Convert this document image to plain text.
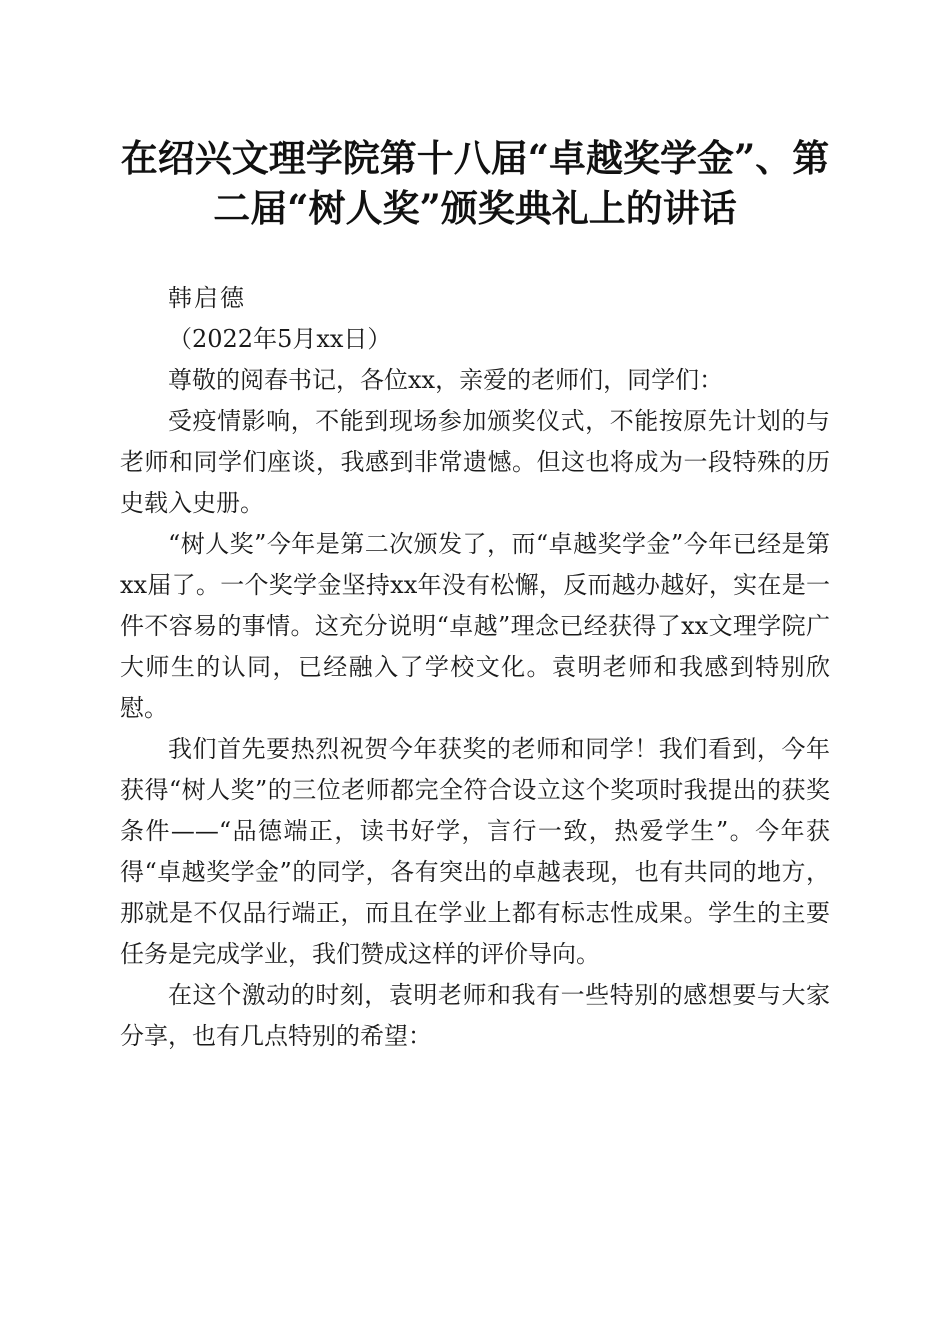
在绍兴文理学院第十八届“卓越奖学金”、第二届“树人奖”颁奖典礼上的讲话

韩启德

（2022年5月xx日）

尊敬的阅春书记，各位xx，亲爱的老师们，同学们：

受疫情影响，不能到现场参加颁奖仪式，不能按原先计划的与老师和同学们座谈，我感到非常遗憾。但这也将成为一段特殊的历史载入史册。

“树人奖”今年是第二次颁发了，而“卓越奖学金”今年已经是第xx届了。一个奖学金坚持xx年没有松懈，反而越办越好，实在是一件不容易的事情。这充分说明“卓越”理念已经获得了xx文理学院广大师生的认同，已经融入了学校文化。袁明老师和我感到特别欣慰。

我们首先要热烈祝贺今年获奖的老师和同学！我们看到，今年获得“树人奖”的三位老师都完全符合设立这个奖项时我提出的获奖条件——“品德端正，读书好学，言行一致，热爱学生”。今年获得“卓越奖学金”的同学，各有突出的卓越表现，也有共同的地方，那就是不仅品行端正，而且在学业上都有标志性成果。学生的主要任务是完成学业，我们赞成这样的评价导向。

在这个激动的时刻，袁明老师和我有一些特别的感想要与大家分享，也有几点特别的希望：
